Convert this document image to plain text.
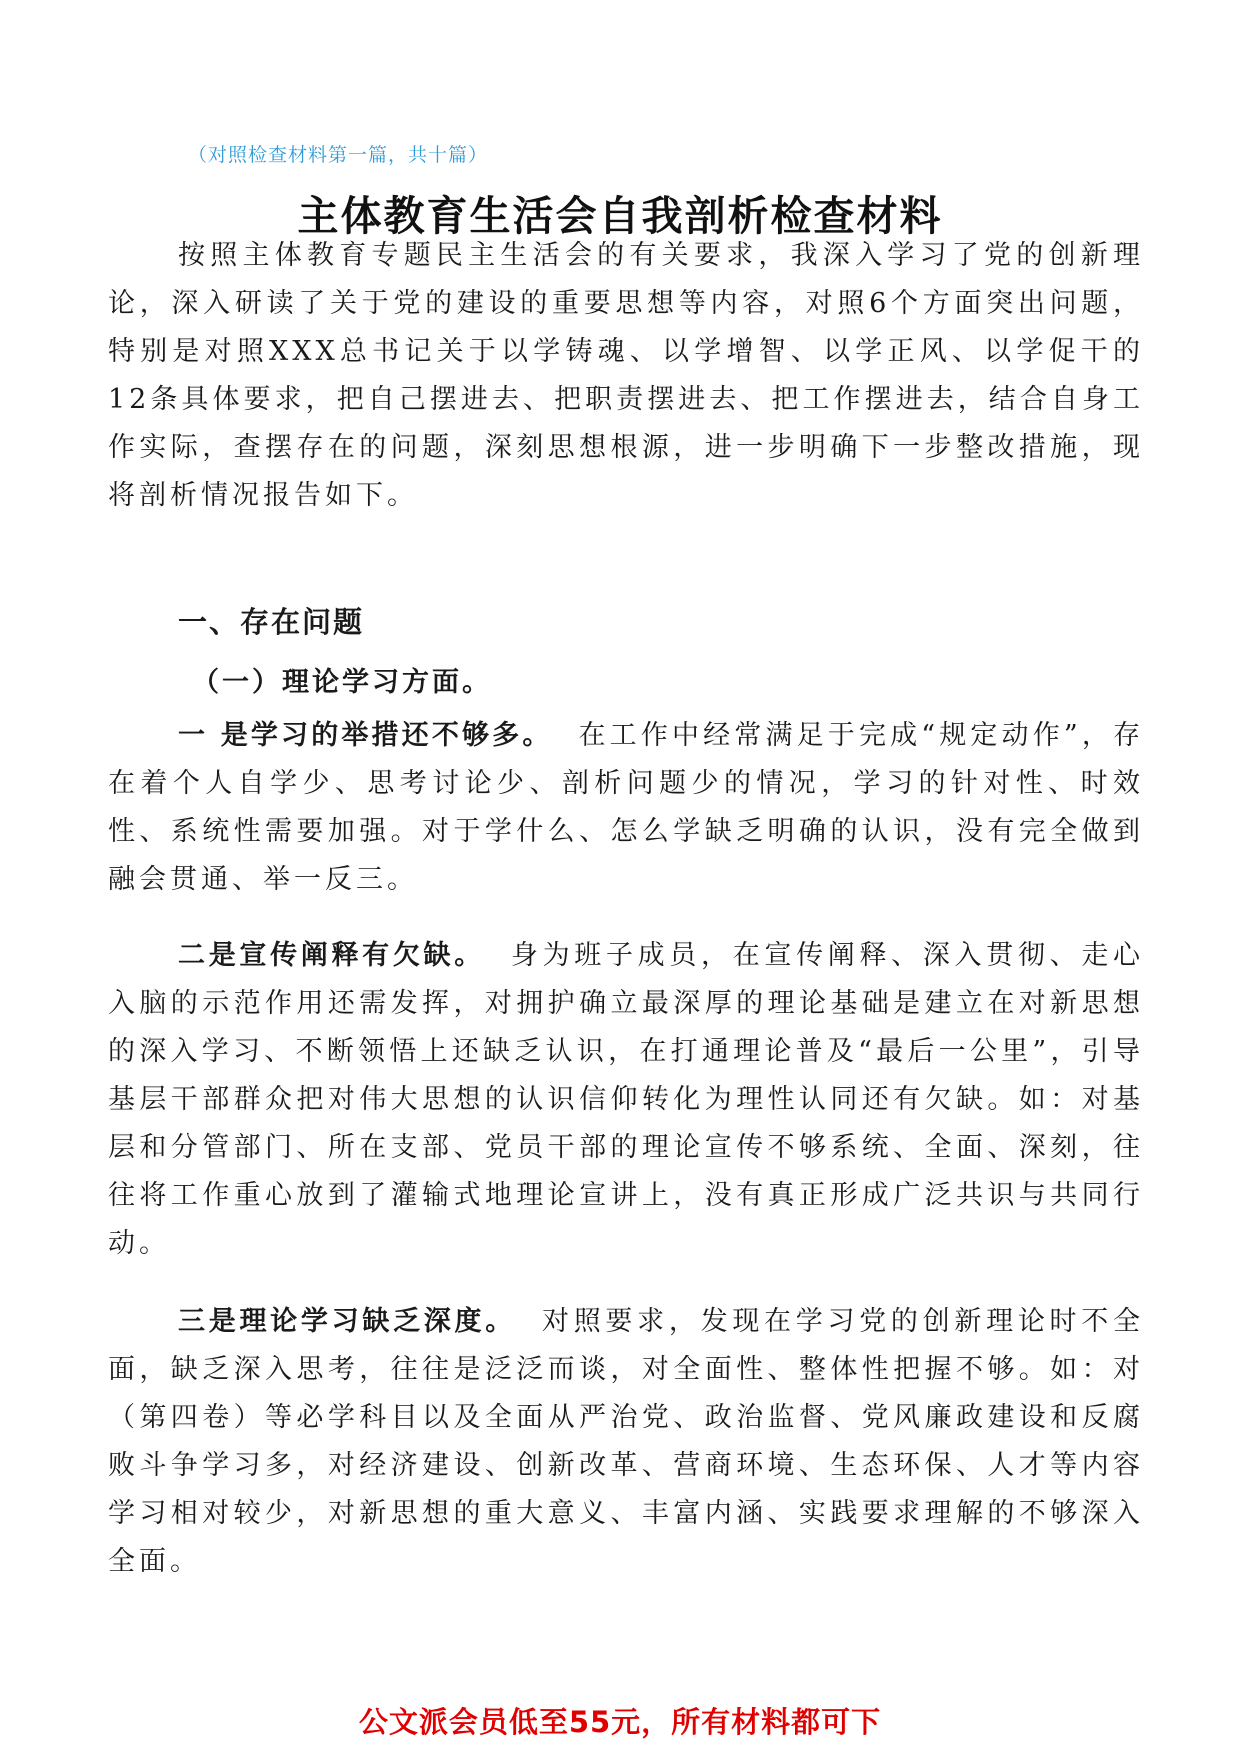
（对照检查材料第一篇，共十篇）
主体教育生活会自我剖析检查材料

按照主体教育专题民主生活会的有关要求，我深入学习了党的创新理论，深入研读了关于党的建设的重要思想等内容，对照6个方面突出问题，特别是对照XXX总书记关于以学铸魂、以学增智、以学正风、以学促干的12条具体要求，把自己摆进去、把职责摆进去、把工作摆进去，结合自身工作实际，查摆存在的问题，深刻思想根源，进一步明确下一步整改措施，现将剖析情况报告如下。

一、存在问题
（一）理论学习方面。

一 是学习的举措还不够多。 在工作中经常满足于完成“规定动作”，存在着个人自学少、思考讨论少、剖析问题少的情况，学习的针对性、时效性、系统性需要加强。对于学什么、怎么学缺乏明确的认识，没有完全做到融会贯通、举一反三。

二是宣传阐释有欠缺。 身为班子成员，在宣传阐释、深入贯彻、走心入脑的示范作用还需发挥，对拥护确立最深厚的理论基础是建立在对新思想的深入学习、不断领悟上还缺乏认识，在打通理论普及“最后一公里”，引导基层干部群众把对伟大思想的认识信仰转化为理性认同还有欠缺。如：对基层和分管部门、所在支部、党员干部的理论宣传不够系统、全面、深刻，往往将工作重心放到了灌输式地理论宣讲上，没有真正形成广泛共识与共同行动。

三是理论学习缺乏深度。 对照要求，发现在学习党的创新理论时不全面，缺乏深入思考，往往是泛泛而谈，对全面性、整体性把握不够。如：对（第四卷）等必学科目以及全面从严治党、政治监督、党风廉政建设和反腐败斗争学习多，对经济建设、创新改革、营商环境、生态环保、人才等内容学习相对较少，对新思想的重大意义、丰富内涵、实践要求理解的不够深入全面。

公文派会员低至55元，所有材料都可下
